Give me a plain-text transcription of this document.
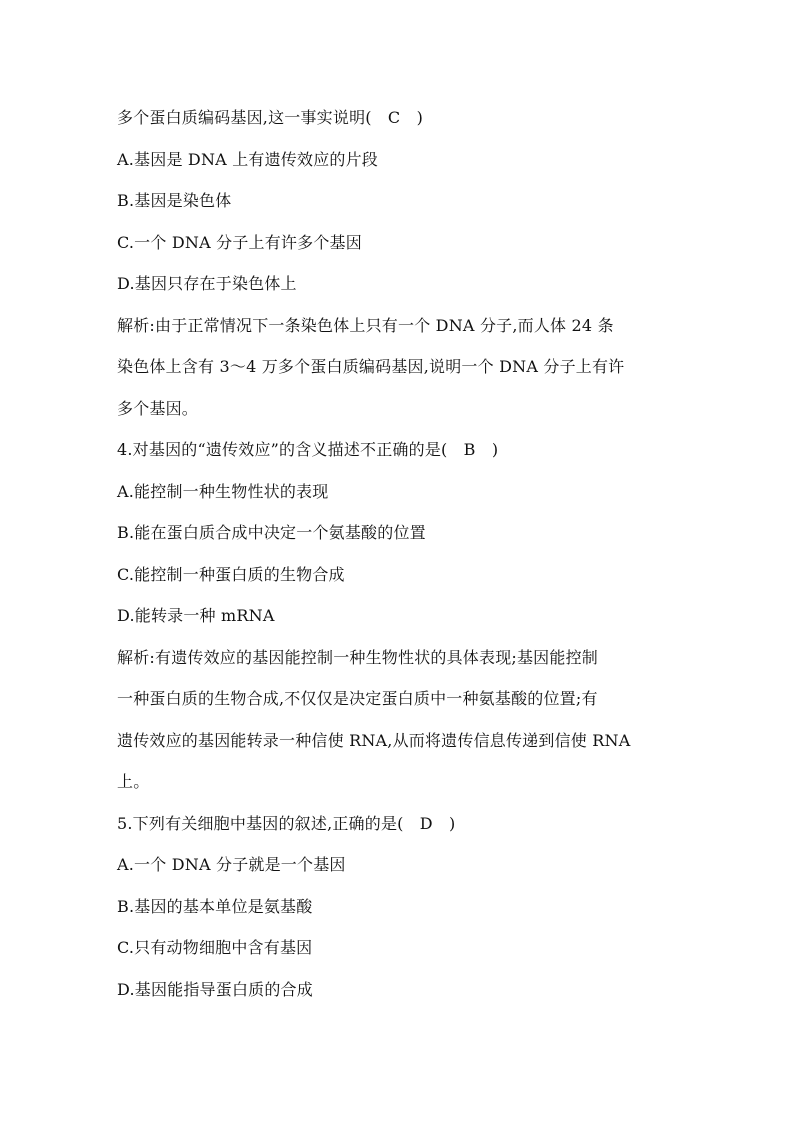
多个蛋白质编码基因,这一事实说明(　C　)
A.基因是 DNA 上有遗传效应的片段
B.基因是染色体
C.一个 DNA 分子上有许多个基因
D.基因只存在于染色体上
解析:由于正常情况下一条染色体上只有一个 DNA 分子,而人体 24 条
染色体上含有 3～4 万多个蛋白质编码基因,说明一个 DNA 分子上有许
多个基因。
4.对基因的“遗传效应”的含义描述不正确的是(　B　)
A.能控制一种生物性状的表现
B.能在蛋白质合成中决定一个氨基酸的位置
C.能控制一种蛋白质的生物合成
D.能转录一种 mRNA
解析:有遗传效应的基因能控制一种生物性状的具体表现;基因能控制
一种蛋白质的生物合成,不仅仅是决定蛋白质中一种氨基酸的位置;有
遗传效应的基因能转录一种信使 RNA,从而将遗传信息传递到信使 RNA
上。
5.下列有关细胞中基因的叙述,正确的是(　D　)
A.一个 DNA 分子就是一个基因
B.基因的基本单位是氨基酸
C.只有动物细胞中含有基因
D.基因能指导蛋白质的合成
